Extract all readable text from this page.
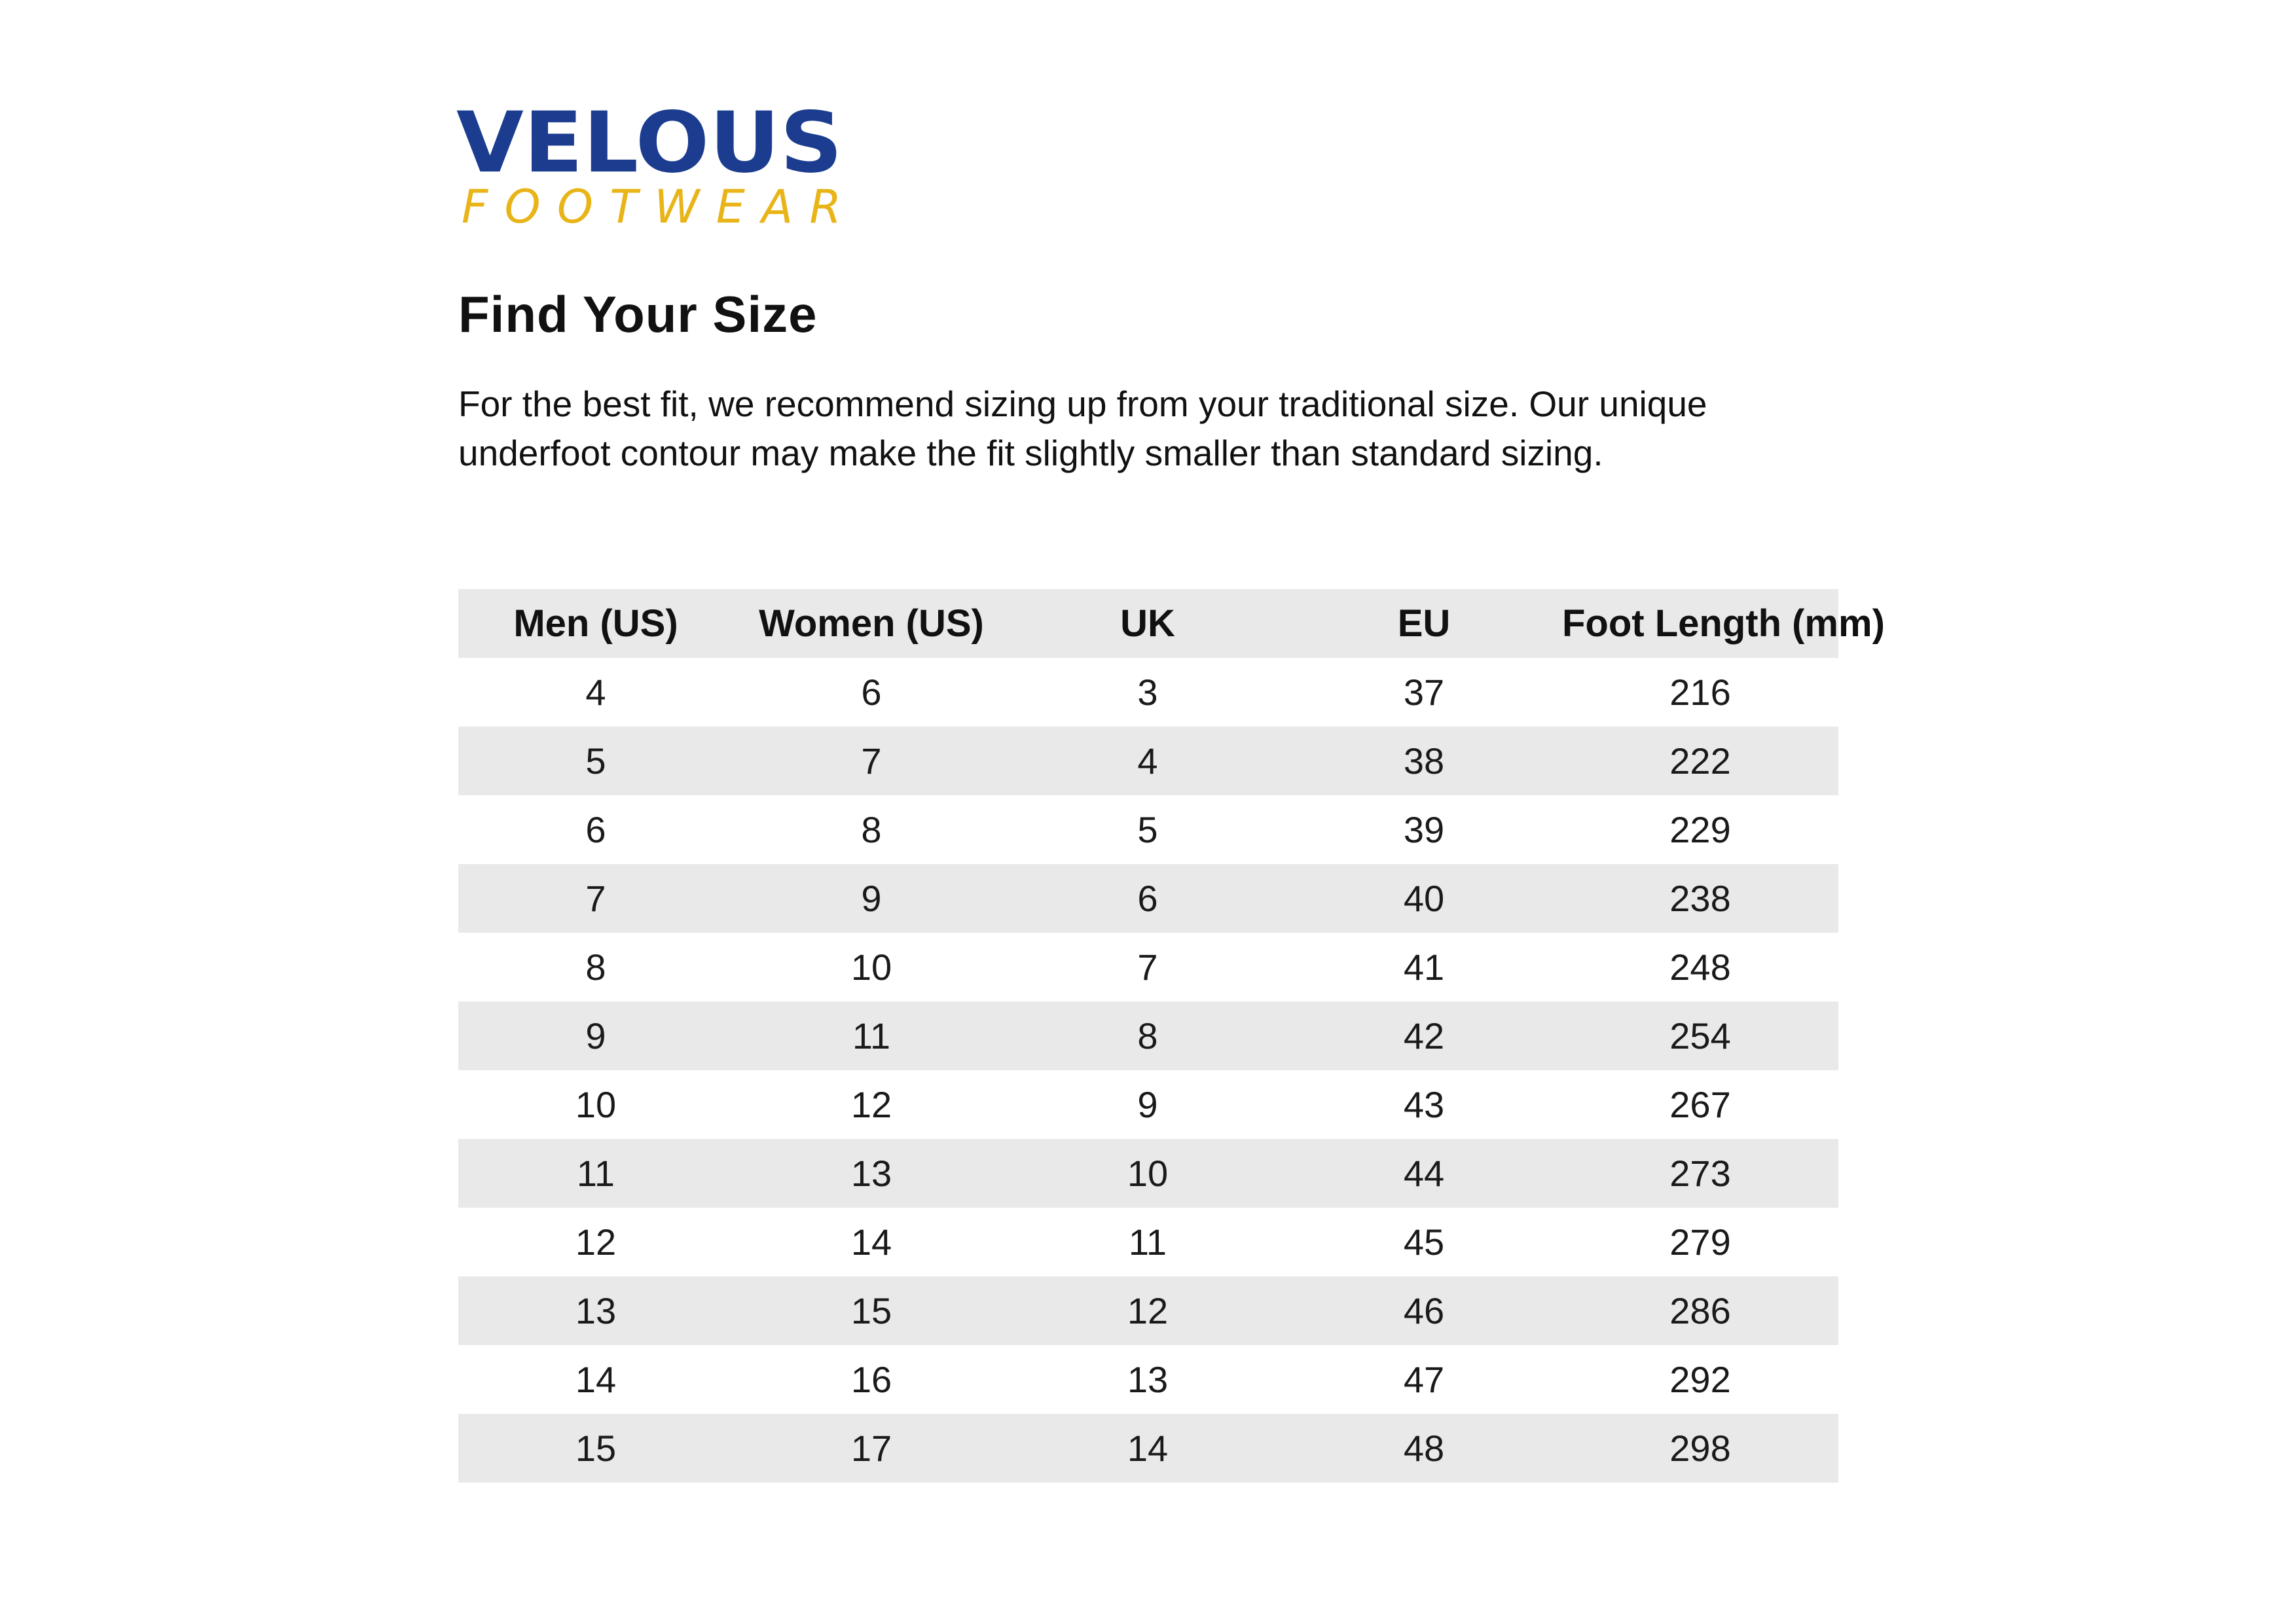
VELOUS
FOOTWEAR
Find Your Size

For the best fit, we recommend sizing up from your traditional size. Our unique
underfoot contour may make the fit slightly smaller than standard sizing.

Men (US)	Women (US)	UK	EU	Foot Length (mm)
4	6	3	37	216
5	7	4	38	222
6	8	5	39	229
7	9	6	40	238
8	10	7	41	248
9	11	8	42	254
10	12	9	43	267
11	13	10	44	273
12	14	11	45	279
13	15	12	46	286
14	16	13	47	292
15	17	14	48	298
